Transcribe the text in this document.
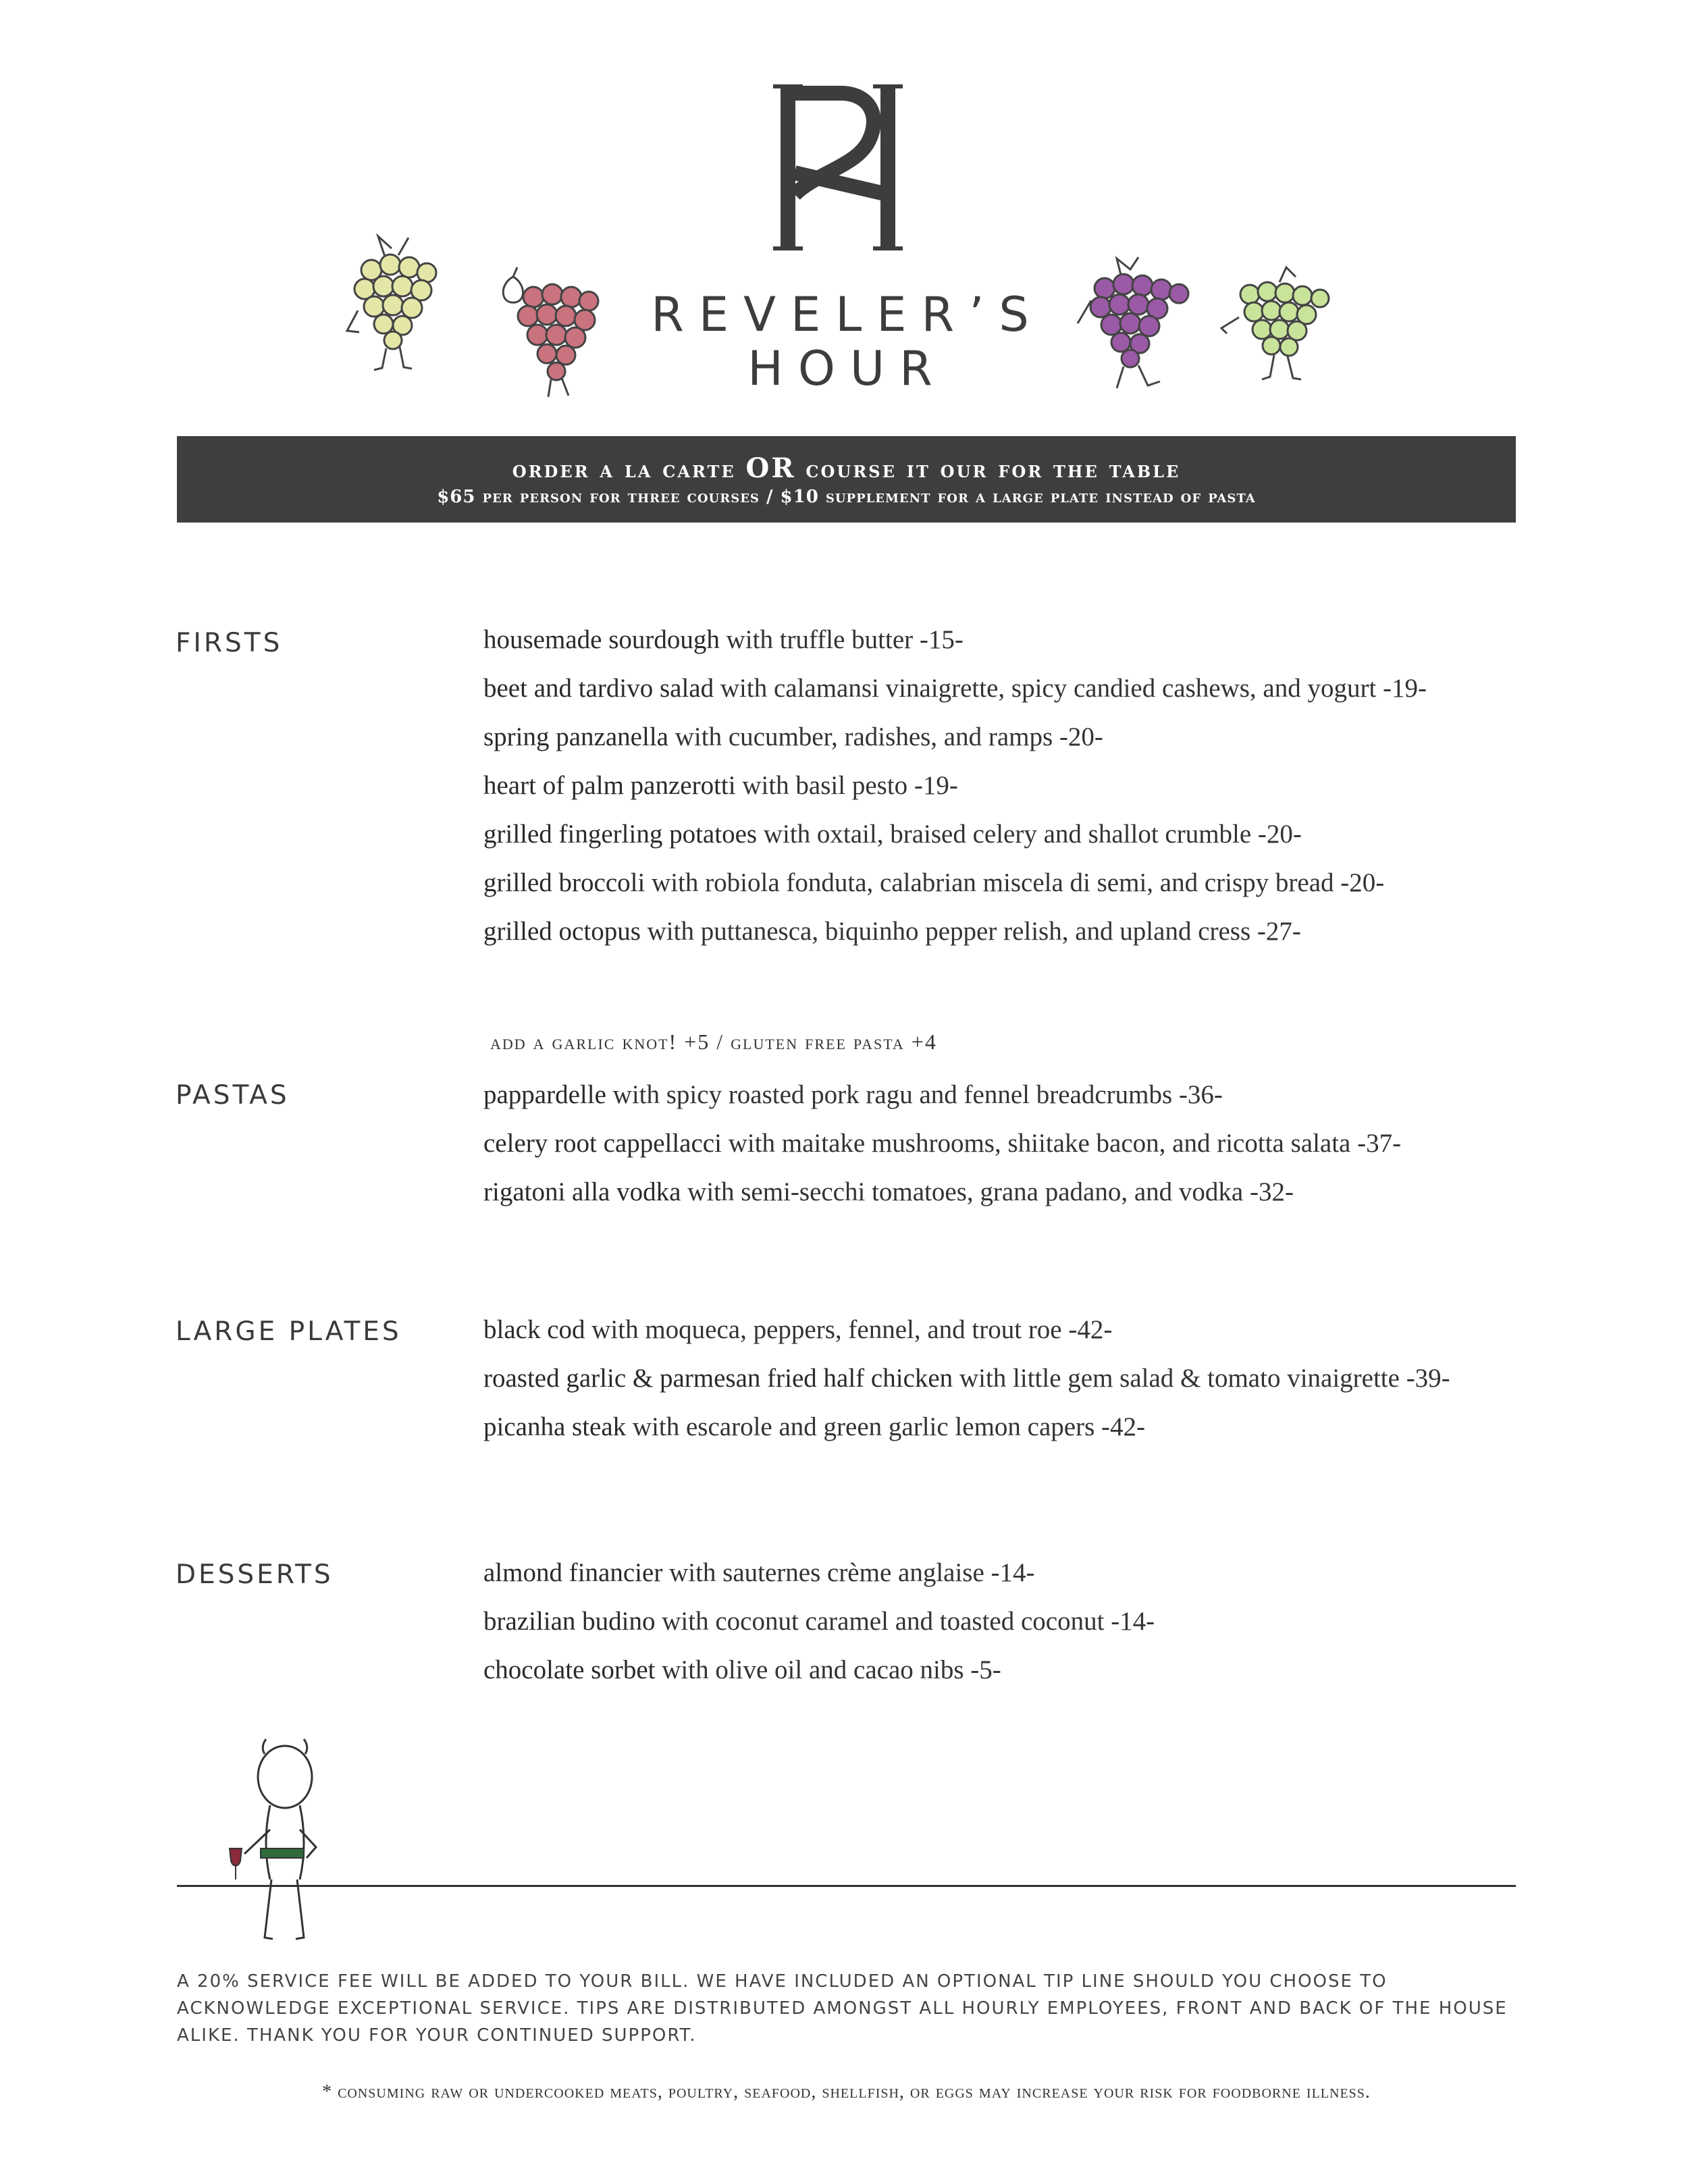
REVELER’S
HOUR
order a la carte OR course it our for the table
$65 per person for three courses / $10 supplement for a large plate instead of pasta
FIRSTS	housemade sourdough with truffle butter -15-
beet and tardivo salad with calamansi vinaigrette, spicy candied cashews, and yogurt -19-
spring panzanella with cucumber, radishes, and ramps -20-
heart of palm panzerotti with basil pesto -19-
grilled fingerling potatoes with oxtail, braised celery and shallot crumble -20-
grilled broccoli with robiola fonduta, calabrian miscela di semi, and crispy bread -20-
grilled octopus with puttanesca, biquinho pepper relish, and upland cress -27-
add a garlic knot! +5 / gluten free pasta +4
PASTAS	pappardelle with spicy roasted pork ragu and fennel breadcrumbs -36-
celery root cappellacci with maitake mushrooms, shiitake bacon, and ricotta salata -37-
rigatoni alla vodka with semi-secchi tomatoes, grana padano, and vodka -32-
LARGE PLATES	black cod with moqueca, peppers, fennel, and trout roe -42-
roasted garlic & parmesan fried half chicken with little gem salad & tomato vinaigrette -39-
picanha steak with escarole and green garlic lemon capers -42-
DESSERTS	almond financier with sauternes crème anglaise -14-
brazilian budino with coconut caramel and toasted coconut -14-
chocolate sorbet with olive oil and cacao nibs -5-
A 20% SERVICE FEE WILL BE ADDED TO YOUR BILL. WE HAVE INCLUDED AN OPTIONAL TIP LINE SHOULD YOU CHOOSE TO ACKNOWLEDGE EXCEPTIONAL SERVICE. TIPS ARE DISTRIBUTED AMONGST ALL HOURLY EMPLOYEES, FRONT AND BACK OF THE HOUSE ALIKE. THANK YOU FOR YOUR CONTINUED SUPPORT.
* consuming raw or undercooked meats, poultry, seafood, shellfish, or eggs may increase your risk for foodborne illness.
